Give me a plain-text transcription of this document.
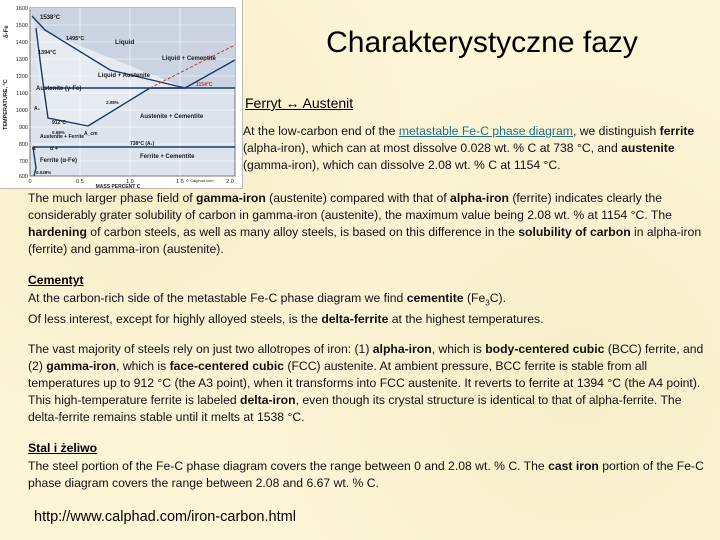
1600
1500
1400
1300
1200
1100
1000
900
800
700
600
TEMPERATURE, °C
δ-Fe
0	0.5	1.0	1.5	2.0
MASS PERCENT C
1538°C
1495°C
1394°C
Liquid
Liquid + Cementite
Liquid + Austenite
1154°C
Austenite (γ-Fe)
2.08%
912°C
0.68%	A_cm
A₃
Austenite + Cementite
Austenite + Ferrite
738°C (A₁)
α	α +
Ferrite + Cementite
Ferrite (α-Fe)
0.028%
© Calphad.com
Charakterystyczne fazy
Ferryt ↔ Austenit
At the low-carbon end of the metastable Fe-C phase diagram, we distinguish ferrite (alpha-iron), which can at most dissolve 0.028 wt. % C at 738 °C, and austenite (gamma-iron), which can dissolve 2.08 wt. % C at 1154 °C.
The much larger phase field of gamma-iron (austenite) compared with that of alpha-iron (ferrite) indicates clearly the considerably grater solubility of carbon in gamma-iron (austenite), the maximum value being 2.08 wt. % at 1154 °C. The hardening of carbon steels, as well as many alloy steels, is based on this difference in the solubility of carbon in alpha-iron (ferrite) and gamma-iron (austenite).
Cementyt
At the carbon-rich side of the metastable Fe-C phase diagram we find cementite $(Fe_3C)$.
Of less interest, except for highly alloyed steels, is the delta-ferrite at the highest temperatures.
The vast majority of steels rely on just two allotropes of iron: (1) alpha-iron, which is body-centered cubic (BCC) ferrite, and (2) gamma-iron, which is face-centered cubic (FCC) austenite. At ambient pressure, BCC ferrite is stable from all temperatures up to 912 °C (the A3 point), when it transforms into FCC austenite. It reverts to ferrite at 1394 °C (the A4 point). This high-temperature ferrite is labeled delta-iron, even though its crystal structure is identical to that of alpha-ferrite. The delta-ferrite remains stable until it melts at 1538 °C.
Stal i żeliwo
The steel portion of the Fe-C phase diagram covers the range between 0 and 2.08 wt. % C. The cast iron portion of the Fe-C phase diagram covers the range between 2.08 and 6.67 wt. % C.
http://www.calphad.com/iron-carbon.html
